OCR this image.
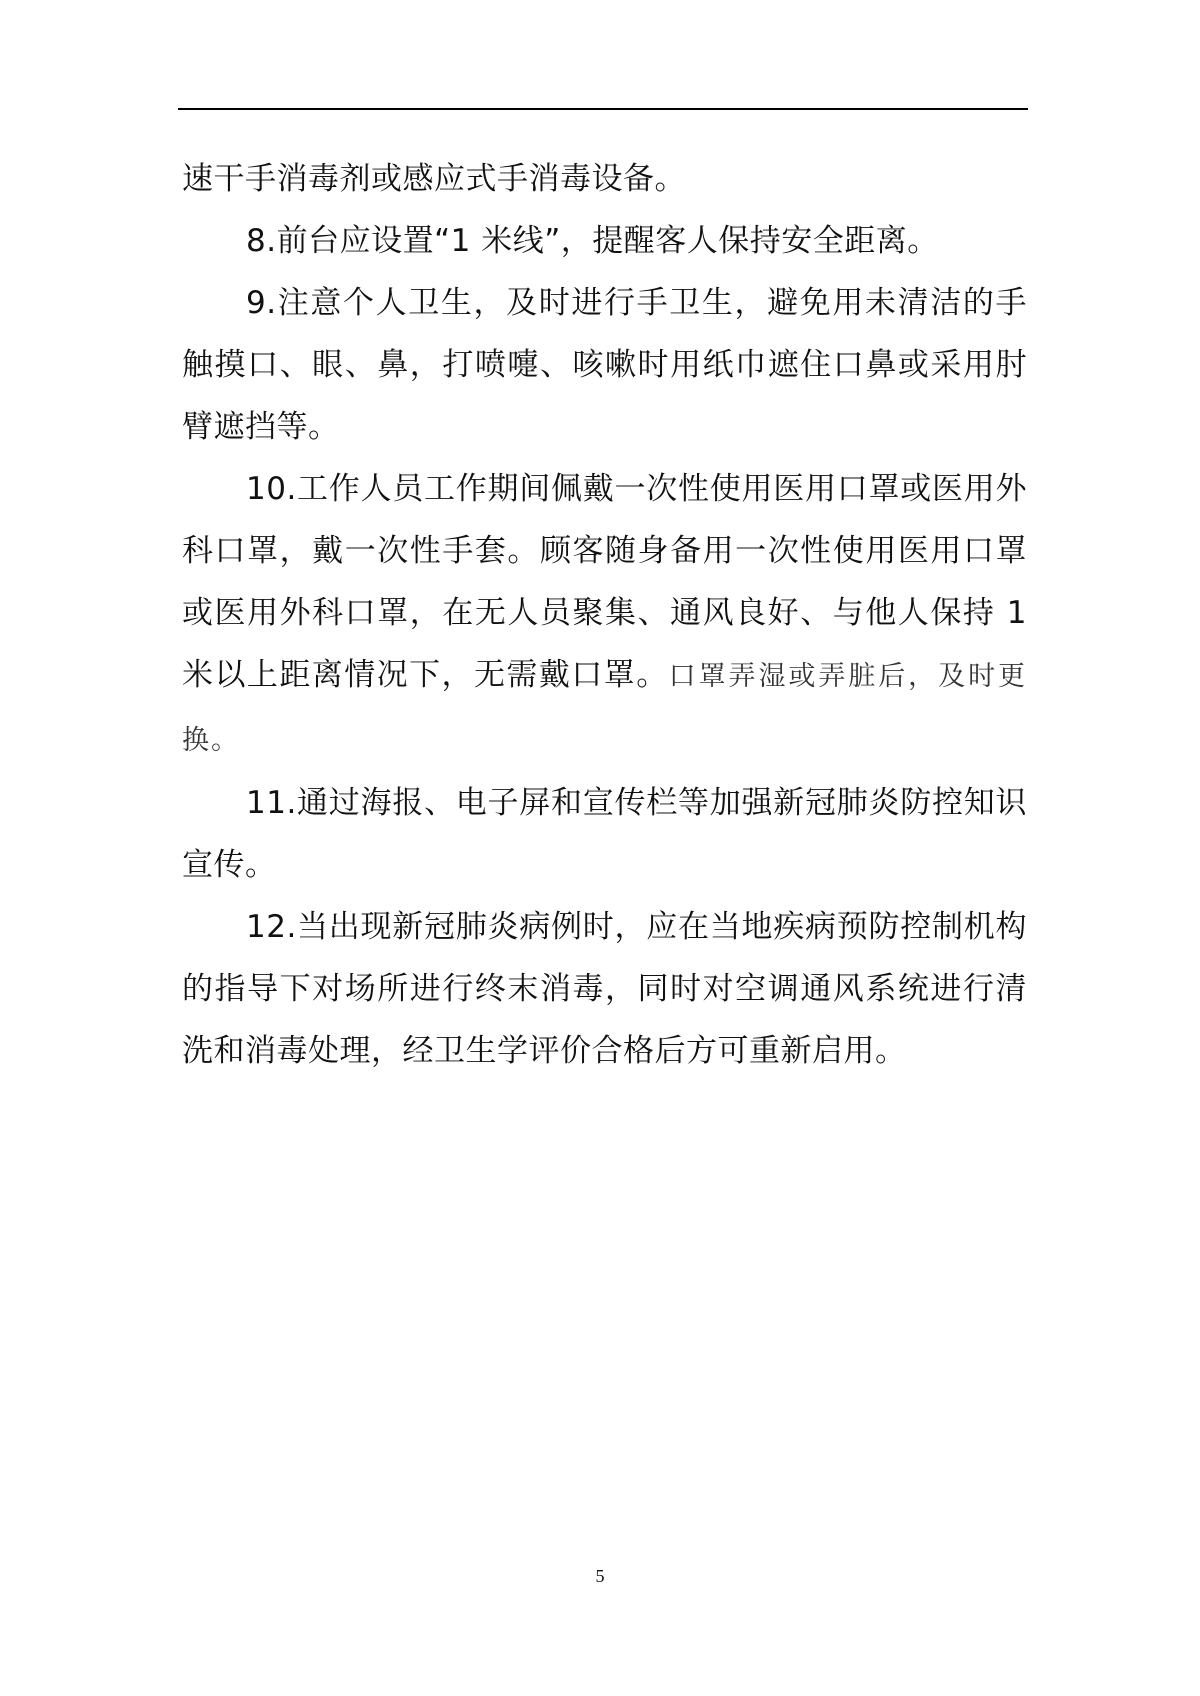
速干手消毒剂或感应式手消毒设备。

8.前台应设置“1 米线”，提醒客人保持安全距离。

9.注意个人卫生，及时进行手卫生，避免用未清洁的手触摸口、眼、鼻，打喷嚏、咳嗽时用纸巾遮住口鼻或采用肘臂遮挡等。

10.工作人员工作期间佩戴一次性使用医用口罩或医用外科口罩，戴一次性手套。顾客随身备用一次性使用医用口罩或医用外科口罩，在无人员聚集、通风良好、与他人保持 1 米以上距离情况下，无需戴口罩。口罩弄湿或弄脏后，及时更换。

11.通过海报、电子屏和宣传栏等加强新冠肺炎防控知识宣传。

12.当出现新冠肺炎病例时，应在当地疾病预防控制机构的指导下对场所进行终末消毒，同时对空调通风系统进行清洗和消毒处理，经卫生学评价合格后方可重新启用。

5
